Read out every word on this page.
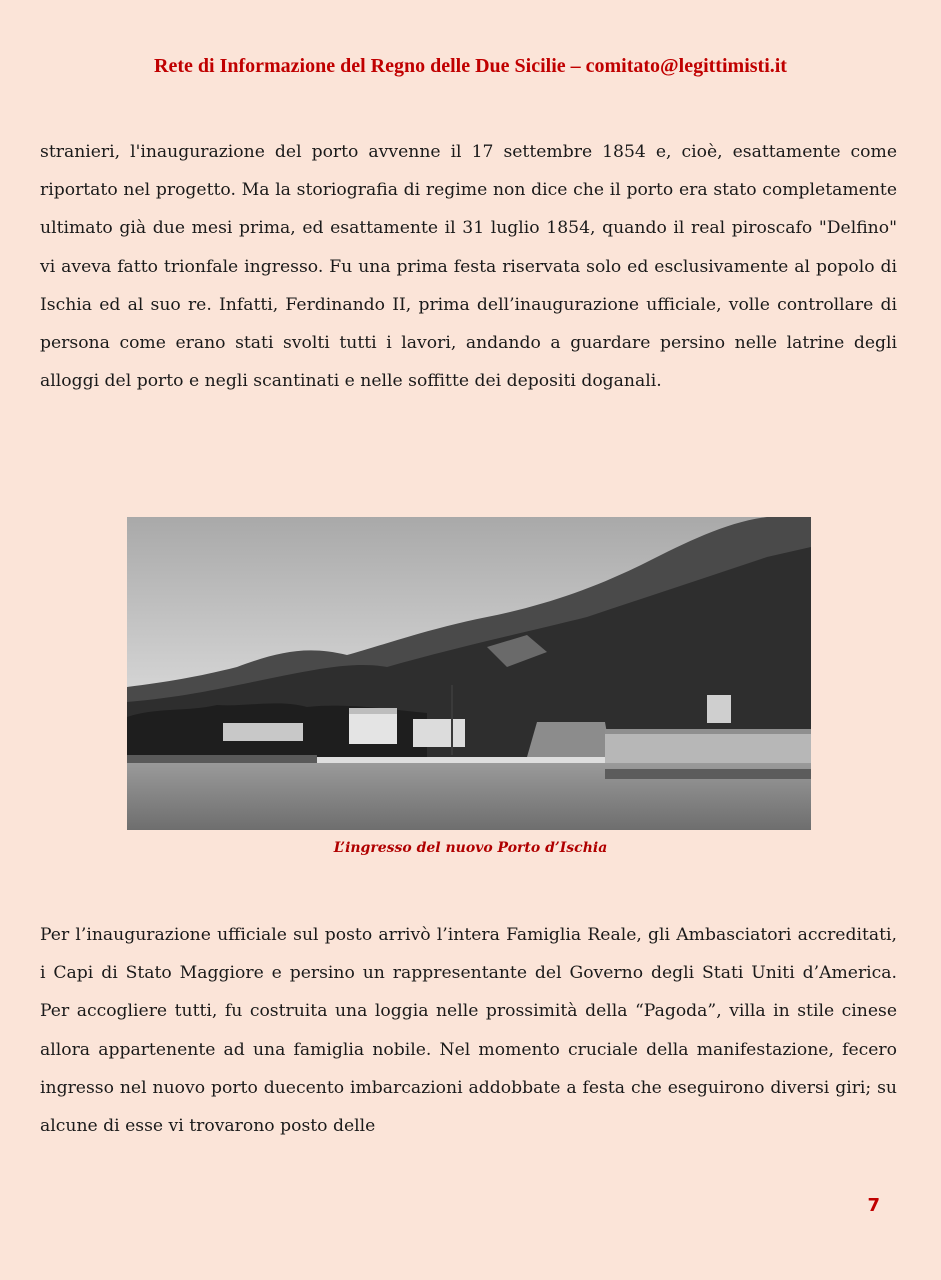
Rete di Informazione del Regno delle Due Sicilie – comitato@legittimisti.it

stranieri, l'inaugurazione del porto avvenne il 17 settembre 1854 e, cioè, esattamente come riportato nel progetto. Ma la storiografia di regime non dice che il porto era stato completamente ultimato già due mesi prima, ed esattamente il 31 luglio 1854, quando il real piroscafo "Delfino" vi aveva fatto trionfale ingresso. Fu una prima festa riservata solo ed esclusivamente al popolo di Ischia ed al suo re. Infatti, Ferdinando II, prima dell’inaugurazione ufficiale, volle controllare di persona come erano stati svolti tutti i lavori, andando a guardare persino nelle latrine degli alloggi del porto e negli scantinati e nelle soffitte dei depositi doganali.

L’ingresso del nuovo Porto d’Ischia

Per l’inaugurazione ufficiale sul posto arrivò l’intera Famiglia Reale, gli Ambasciatori accreditati, i Capi di Stato Maggiore e persino un rappresentante del Governo degli Stati Uniti d’America. Per accogliere tutti, fu costruita una loggia nelle prossimità della “Pagoda”, villa in stile cinese allora appartenente ad una famiglia nobile. Nel momento cruciale della manifestazione, fecero ingresso nel nuovo porto duecento imbarcazioni addobbate a festa che eseguirono diversi giri; su alcune di esse vi trovarono posto delle

7
